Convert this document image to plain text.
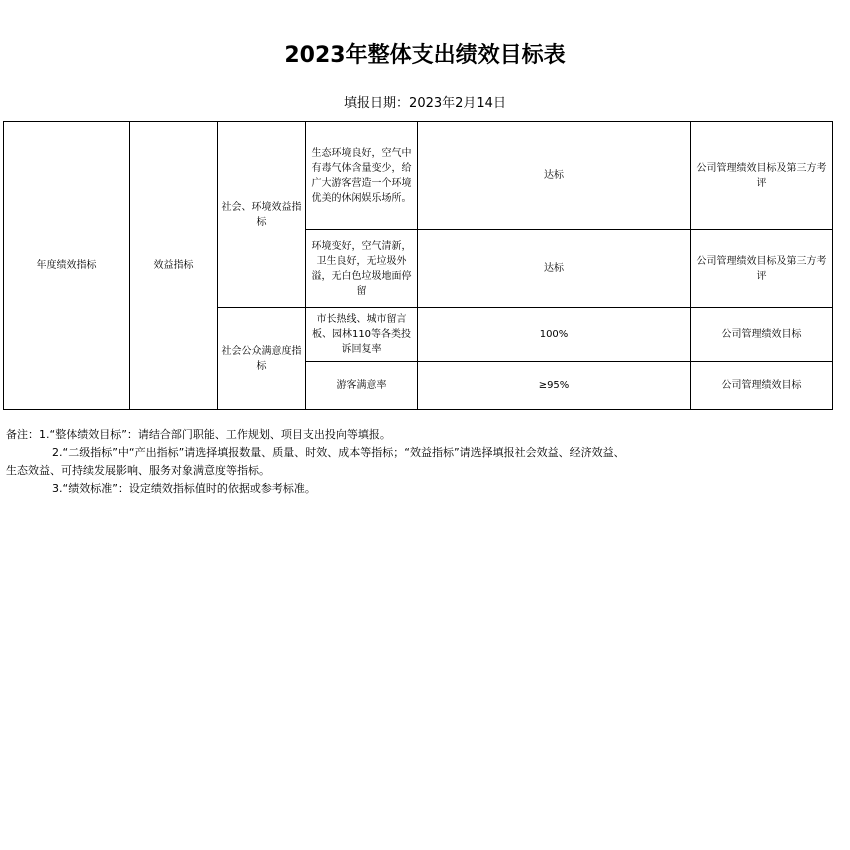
2023年整体支出绩效目标表
填报日期：2023年2月14日
年度绩效指标	效益指标	社会、环境效益指标	生态环境良好，空气中有毒气体含量变少，给广大游客营造一个环境优美的休闲娱乐场所。	达标	公司管理绩效目标及第三方考评
			环境变好，空气清新，卫生良好，无垃圾外溢，无白色垃圾地面停留	达标	公司管理绩效目标及第三方考评
		社会公众满意度指标	市长热线、城市留言板、园林110等各类投诉回复率	100%	公司管理绩效目标
			游客满意率	≥95%	公司管理绩效目标

备注：1.“整体绩效目标”：请结合部门职能、工作规划、项目支出投向等填报。

2.“二级指标”中“产出指标”请选择填报数量、质量、时效、成本等指标；“效益指标”请选择填报社会效益、经济效益、

生态效益、可持续发展影响、服务对象满意度等指标。

3.“绩效标准”：设定绩效指标值时的依据或参考标准。
